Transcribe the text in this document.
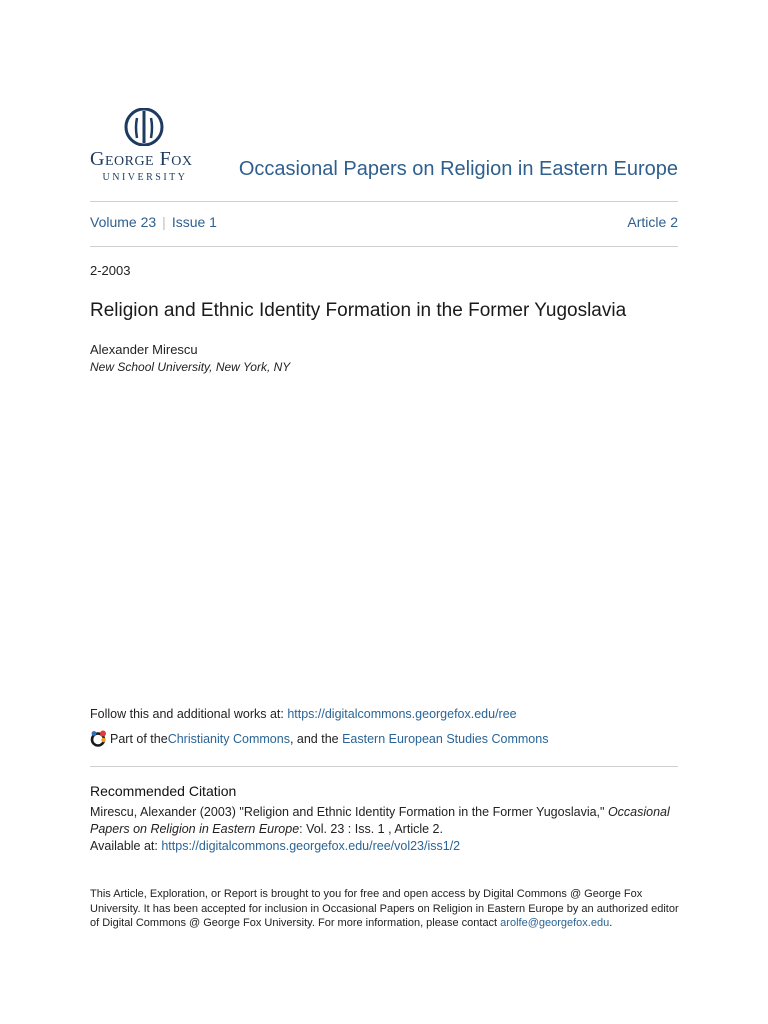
George Fox
UNIVERSITY	Occasional Papers on Religion in Eastern Europe
Volume 23 | Issue 1	Article 2
2-2003
Religion and Ethnic Identity Formation in the Former Yugoslavia
Alexander Mirescu
New School University, New York, NY
Follow this and additional works at: https://digitalcommons.georgefox.edu/ree
Part of the Christianity Commons , and the Eastern European Studies Commons
Recommended Citation
Mirescu, Alexander (2003) "Religion and Ethnic Identity Formation in the Former Yugoslavia," Occasional Papers on Religion in Eastern Europe: Vol. 23 : Iss. 1 , Article 2.
Available at: https://digitalcommons.georgefox.edu/ree/vol23/iss1/2
This Article, Exploration, or Report is brought to you for free and open access by Digital Commons @ George Fox University. It has been accepted for inclusion in Occasional Papers on Religion in Eastern Europe by an authorized editor of Digital Commons @ George Fox University. For more information, please contact arolfe@georgefox.edu.
